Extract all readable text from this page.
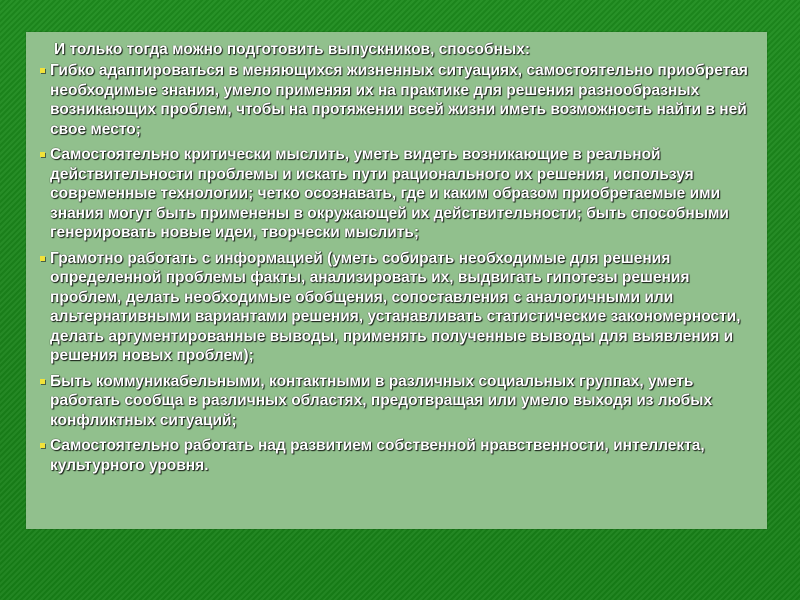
И только тогда можно подготовить выпускников, способных:

Гибко адаптироваться в меняющихся жизненных ситуациях, самостоятельно приобретая необходимые знания, умело применяя их на практике для решения разнообразных возникающих проблем, чтобы на протяжении всей жизни иметь возможность найти в ней свое место;
Самостоятельно критически мыслить, уметь видеть возникающие в реальной действительности проблемы и искать пути рационального их решения, используя современные технологии; четко осознавать, где и каким образом приобретаемые ими знания могут быть применены в окружающей их действительности; быть способными генерировать новые идеи, творчески мыслить;
Грамотно работать с информацией (уметь собирать необходимые для решения определенной проблемы факты, анализировать их, выдвигать гипотезы решения проблем, делать необходимые обобщения, сопоставления с аналогичными или альтернативными вариантами решения, устанавливать статистические закономерности, делать аргументированные выводы, применять полученные выводы для выявления и решения новых проблем);
Быть коммуникабельными, контактными в различных социальных группах, уметь работать сообща в различных областях, предотвращая или умело выходя из любых конфликтных ситуаций;
Самостоятельно работать над развитием собственной нравственности, интеллекта, культурного уровня.
